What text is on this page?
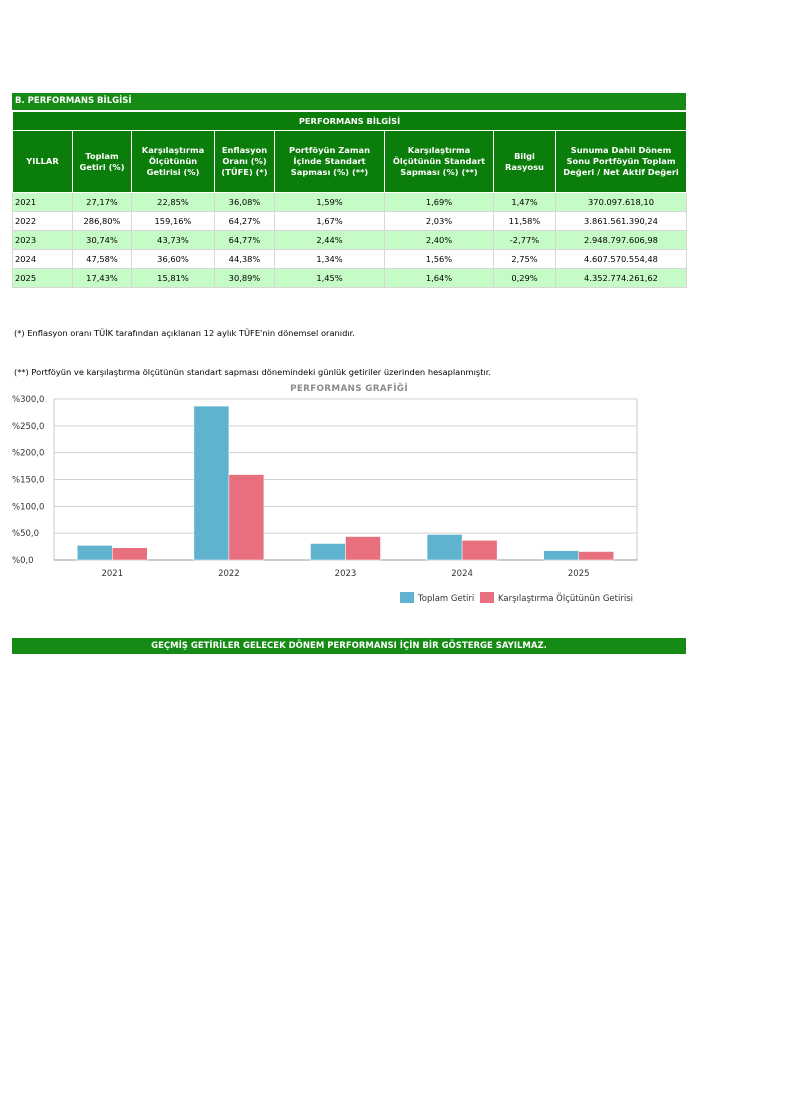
B. PERFORMANS BİLGİSİ
PERFORMANS BİLGİSİ							
YILLAR	Toplam Getiri (%)	Karşılaştırma Ölçütünün Getirisi (%)	Enflasyon Oranı (%) (TÜFE) (*)	Portföyün Zaman İçinde Standart Sapması (%) (**)	Karşılaştırma Ölçütünün Standart Sapması (%) (**)	Bilgi Rasyosu	Sunuma Dahil Dönem Sonu Portföyün Toplam Değeri / Net Aktif Değeri
2021	27,17%	22,85%	36,08%	1,59%	1,69%	1,47%	370.097.618,10
2022	286,80%	159,16%	64,27%	1,67%	2,03%	11,58%	3.861.561.390,24
2023	30,74%	43,73%	64,77%	2,44%	2,40%	-2,77%	2.948.797.606,98
2024	47,58%	36,60%	44,38%	1,34%	1,56%	2,75%	4.607.570.554,48
2025	17,43%	15,81%	30,89%	1,45%	1,64%	0,29%	4.352.774.261,62
(*) Enflasyon oranı TÜİK tarafından açıklanan 12 aylık TÜFE'nin dönemsel oranıdır.
(**) Portföyün ve karşılaştırma ölçütünün standart sapması dönemindeki günlük getiriler üzerinden hesaplanmıştır.
PERFORMANS GRAFİĞİ
%0,0
%50,0
%100,0
%150,0
%200,0
%250,0
%300,0
2021	2022	2023	2024	2025
Toplam Getiri	Karşılaştırma Ölçütünün Getirisi
GEÇMİŞ GETİRİLER GELECEK DÖNEM PERFORMANSI İÇİN BİR GÖSTERGE SAYILMAZ.
